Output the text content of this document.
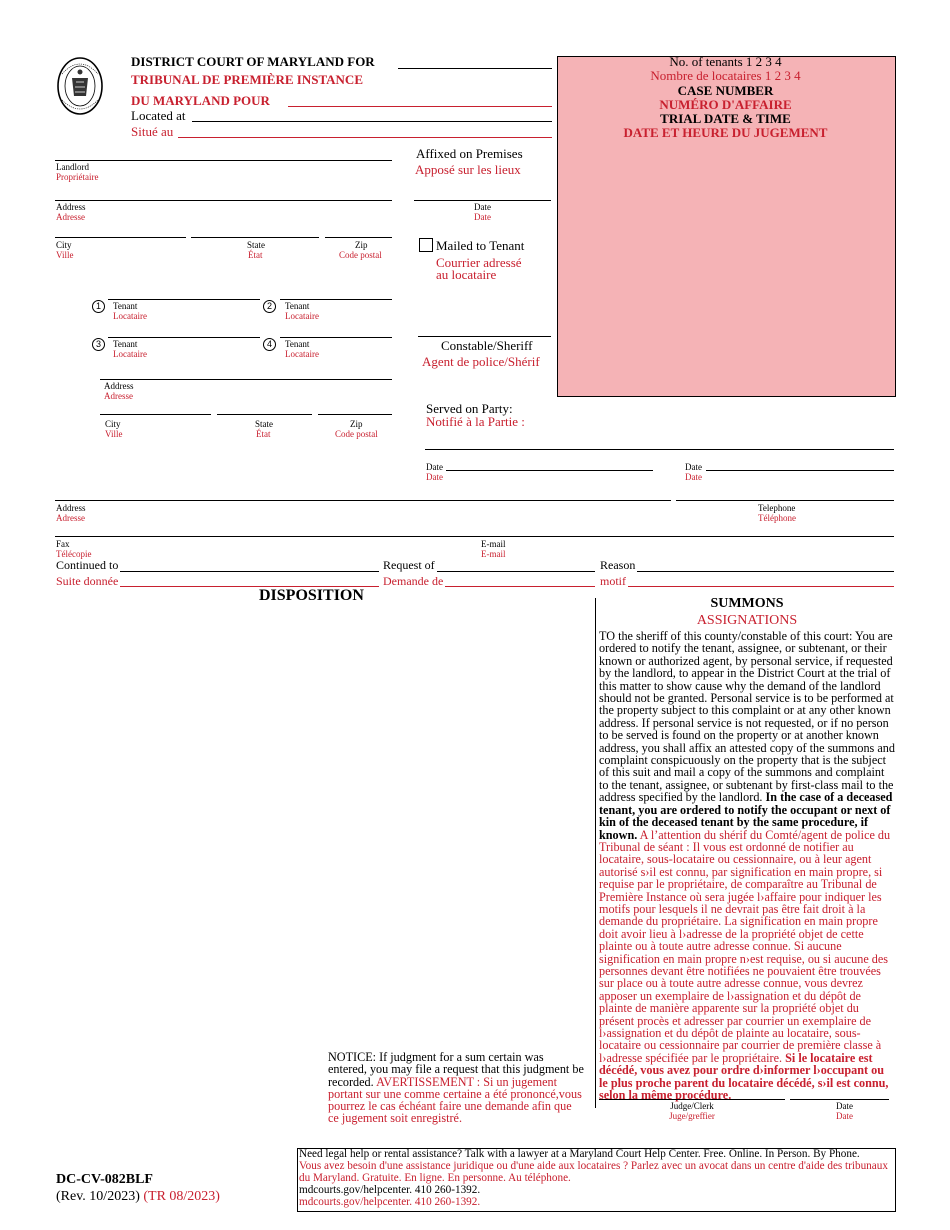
DISTRICT COURT OF MARYLAND FOR
TRIBUNAL DE PREMIÈRE INSTANCE
DU MARYLAND POUR
Located at
Situé au
No. of tenants 1 2 3 4
Nombre de locataires 1 2 3 4
CASE NUMBER
NUMÉRO D'AFFAIRE
TRIAL DATE & TIME
DATE ET HEURE DU JUGEMENT
Landlord
Propriétaire
Address
Adresse
City
Ville
State
État
Zip
Code postal
1	Tenant
Locataire
2	Tenant
Locataire
3	Tenant
Locataire
4	Tenant
Locataire
Address
Adresse
City
Ville
State
État
Zip
Code postal
Affixed on Premises
Apposé sur les lieux
Date
Date
Mailed to Tenant
Courrier adressé
au locataire
Constable/Sheriff
Agent de police/Shérif
Served on Party:
Notifié à la Partie :
Date
Date
Date
Date
Address
Adresse
Telephone
Téléphone
Fax
Télécopie
E-mail
E-mail
Continued to
Suite donnée
Request of
Demande de
Reason
motif
DISPOSITION	SUMMONS
ASSIGNATIONS
TO the sheriff of this county/constable of this court: You are ordered to notify the tenant, assignee, or subtenant, or their known or authorized agent, by personal service, if requested by the landlord, to appear in the District Court at the trial of this matter to show cause why the demand of the landlord should not be granted. Personal service is to be performed at the property subject to this complaint or at any other known address. If personal service is not requested, or if no person to be served is found on the property or at another known address, you shall affix an attested copy of the summons and complaint conspicuously on the property that is the subject of this suit and mail a copy of the summons and complaint to the tenant, assignee, or subtenant by first-class mail to the address specified by the landlord. In the case of a deceased tenant, you are ordered to notify the occupant or next of kin of the deceased tenant by the same procedure, if known. A l’attention du shérif du Comté/agent de police du Tribunal de séant : Il vous est ordonné de notifier au locataire, sous-locataire ou cessionnaire, ou à leur agent autorisé s›il est connu, par signification en main propre, si requise par le propriétaire, de comparaître au Tribunal de Première Instance où sera jugée l›affaire pour indiquer les motifs pour lesquels il ne devrait pas être fait droit à la demande du propriétaire. La signification en main propre doit avoir lieu à l›adresse de la propriété objet de cette plainte ou à toute autre adresse connue. Si aucune signification en main propre n›est requise, ou si aucune des personnes devant être notifiées ne pouvaient être trouvées sur place ou à toute autre adresse connue, vous devrez apposer un exemplaire de l›assignation et du dépôt de plainte de manière apparente sur la propriété objet du présent procès et adresser par courrier un exemplaire de l›assignation et du dépôt de plainte au locataire, sous-locataire ou cessionnaire par courrier de première classe à l›adresse spécifiée par le propriétaire. Si le locataire est décédé, vous avez pour ordre d›informer l›occupant ou le plus proche parent du locataire décédé, s›il est connu, selon la même procédure.
Judge/Clerk
Juge/greffier
Date
Date
NOTICE: If judgment for a sum certain was entered, you may file a request that this judgment be recorded. AVERTISSEMENT : Si un jugement portant sur une comme certaine a été prononcé,vous pourrez le cas échéant faire une demande afin que ce jugement soit enregistré.
DC-CV-082BLF
(Rev. 10/2023) (TR 08/2023)
Need legal help or rental assistance? Talk with a lawyer at a Maryland Court Help Center. Free. Online. In Person. By Phone.
Vous avez besoin d'une assistance juridique ou d'une aide aux locataires ? Parlez avec un avocat dans un centre d'aide des tribunaux du Maryland. Gratuite. En ligne. En personne. Au téléphone.
mdcourts.gov/helpcenter. 410 260-1392.
mdcourts.gov/helpcenter. 410 260-1392.
